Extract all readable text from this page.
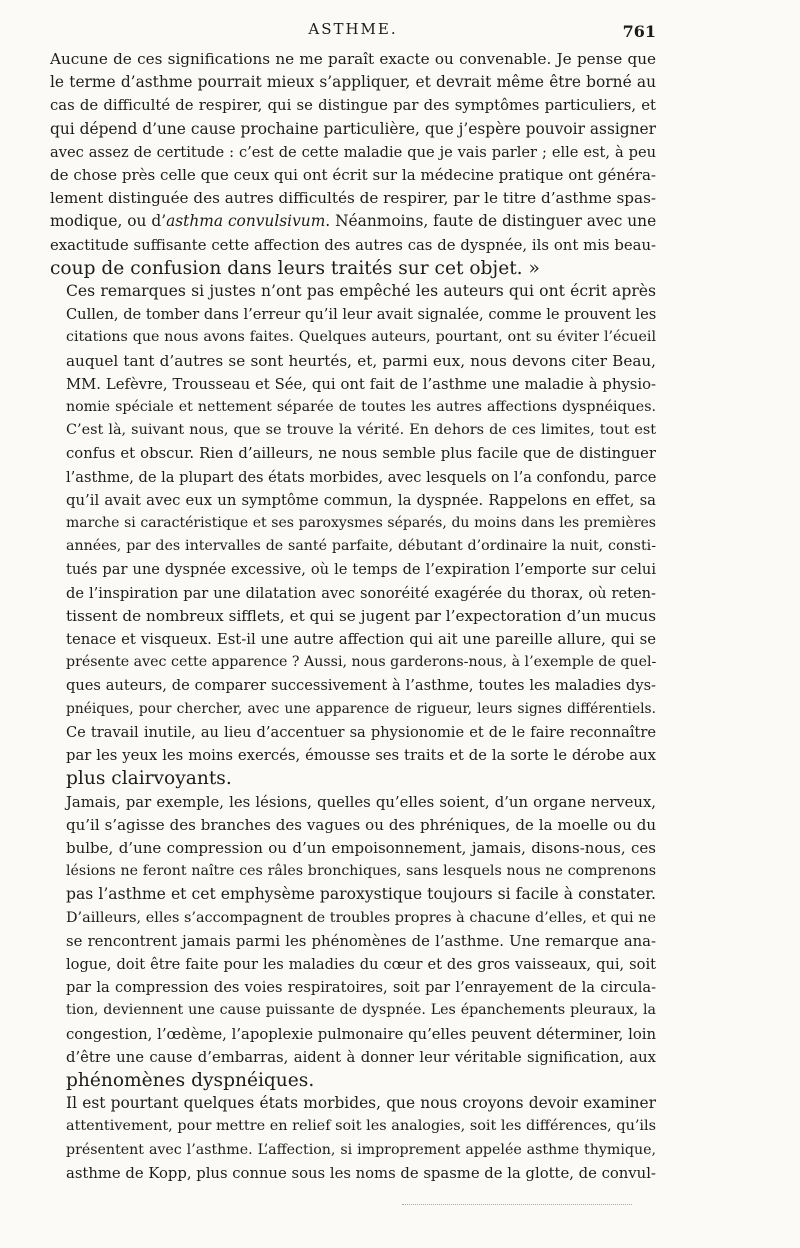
ASTHME.	761
Aucune de ces significations ne me paraît exacte ou convenable. Je pense que
le terme d’asthme pourrait mieux s’appliquer, et devrait même être borné au
cas de difficulté de respirer, qui se distingue par des symptômes particuliers, et
qui dépend d’une cause prochaine particulière, que j’espère pouvoir assigner
avec assez de certitude : c’est de cette maladie que je vais parler ; elle est, à peu
de chose près celle que ceux qui ont écrit sur la médecine pratique ont généra-
lement distinguée des autres difficultés de respirer, par le titre d’asthme spas-
modique, ou d’asthma convulsivum. Néanmoins, faute de distinguer avec une
exactitude suffisante cette affection des autres cas de dyspnée, ils ont mis beau-
coup de confusion dans leurs traités sur cet objet. »
Ces remarques si justes n’ont pas empêché les auteurs qui ont écrit après
Cullen, de tomber dans l’erreur qu’il leur avait signalée, comme le prouvent les
citations que nous avons faites. Quelques auteurs, pourtant, ont su éviter l’écueil
auquel tant d’autres se sont heurtés, et, parmi eux, nous devons citer Beau,
MM. Lefèvre, Trousseau et Sée, qui ont fait de l’asthme une maladie à physio-
nomie spéciale et nettement séparée de toutes les autres affections dyspnéiques.
C’est là, suivant nous, que se trouve la vérité. En dehors de ces limites, tout est
confus et obscur. Rien d’ailleurs, ne nous semble plus facile que de distinguer
l’asthme, de la plupart des états morbides, avec lesquels on l’a confondu, parce
qu’il avait avec eux un symptôme commun, la dyspnée. Rappelons en effet, sa
marche si caractéristique et ses paroxysmes séparés, du moins dans les premières
années, par des intervalles de santé parfaite, débutant d’ordinaire la nuit, consti-
tués par une dyspnée excessive, où le temps de l’expiration l’emporte sur celui
de l’inspiration par une dilatation avec sonoréité exagérée du thorax, où reten-
tissent de nombreux sifflets, et qui se jugent par l’expectoration d’un mucus
tenace et visqueux. Est-il une autre affection qui ait une pareille allure, qui se
présente avec cette apparence ? Aussi, nous garderons-nous, à l’exemple de quel-
ques auteurs, de comparer successivement à l’asthme, toutes les maladies dys-
pnéiques, pour chercher, avec une apparence de rigueur, leurs signes différentiels.
Ce travail inutile, au lieu d’accentuer sa physionomie et de le faire reconnaître
par les yeux les moins exercés, émousse ses traits et de la sorte le dérobe aux
plus clairvoyants.
Jamais, par exemple, les lésions, quelles qu’elles soient, d’un organe nerveux,
qu’il s’agisse des branches des vagues ou des phréniques, de la moelle ou du
bulbe, d’une compression ou d’un empoisonnement, jamais, disons-nous, ces
lésions ne feront naître ces râles bronchiques, sans lesquels nous ne comprenons
pas l’asthme et cet emphysème paroxystique toujours si facile à constater.
D’ailleurs, elles s’accompagnent de troubles propres à chacune d’elles, et qui ne
se rencontrent jamais parmi les phénomènes de l’asthme. Une remarque ana-
logue, doit être faite pour les maladies du cœur et des gros vaisseaux, qui, soit
par la compression des voies respiratoires, soit par l’enrayement de la circula-
tion, deviennent une cause puissante de dyspnée. Les épanchements pleuraux, la
congestion, l’œdème, l’apoplexie pulmonaire qu’elles peuvent déterminer, loin
d’être une cause d’embarras, aident à donner leur véritable signification, aux
phénomènes dyspnéiques.
Il est pourtant quelques états morbides, que nous croyons devoir examiner
attentivement, pour mettre en relief soit les analogies, soit les différences, qu’ils
présentent avec l’asthme. L’affection, si improprement appelée asthme thymique,
asthme de Kopp, plus connue sous les noms de spasme de la glotte, de convul-
